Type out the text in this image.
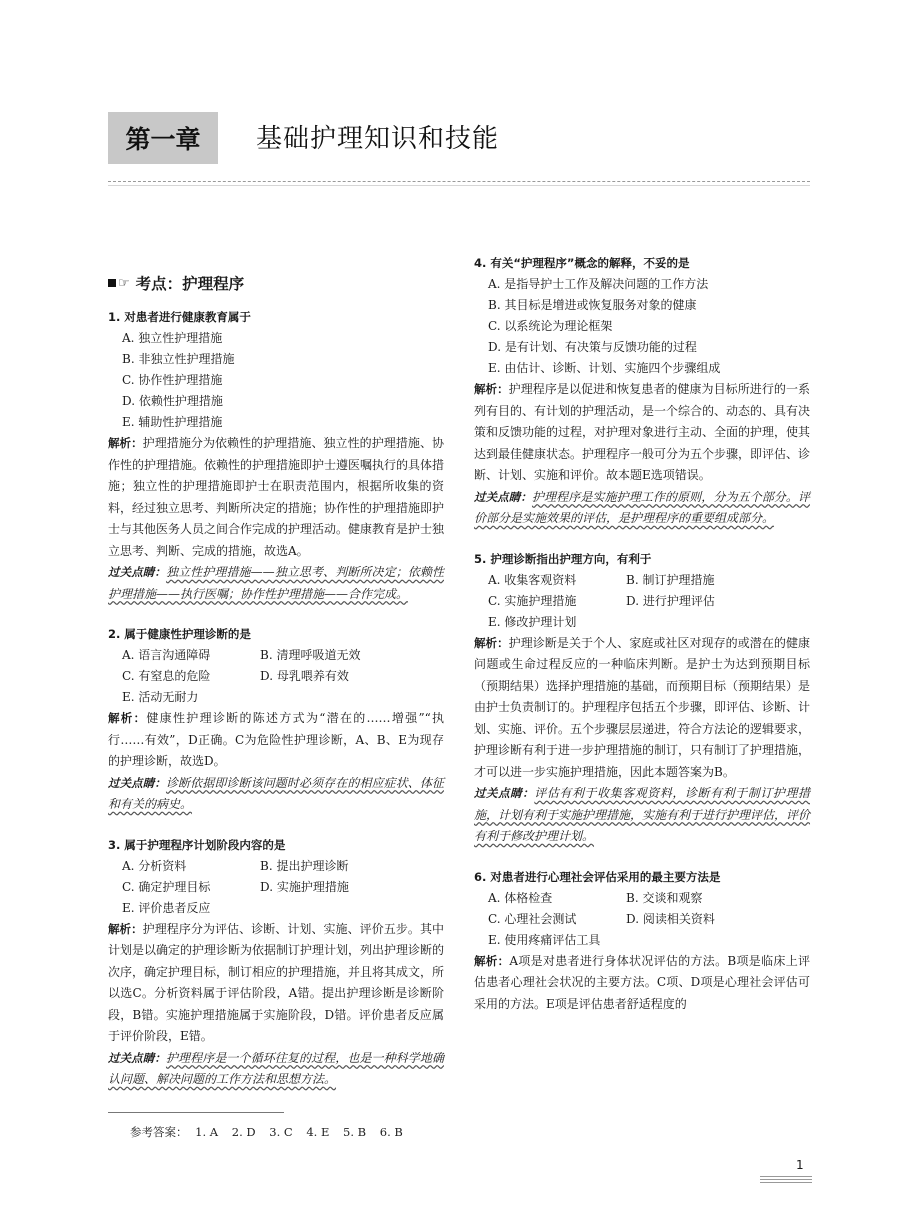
第一章	基础护理知识和技能
☞ 考点：护理程序
1. 对患者进行健康教育属于
A. 独立性护理措施
B. 非独立性护理措施
C. 协作性护理措施
D. 依赖性护理措施
E. 辅助性护理措施
解析：护理措施分为依赖性的护理措施、独立性的护理措施、协作性的护理措施。依赖性的护理措施即护士遵医嘱执行的具体措施；独立性的护理措施即护士在职责范围内，根据所收集的资料，经过独立思考、判断所决定的措施；协作性的护理措施即护士与其他医务人员之间合作完成的护理活动。健康教育是护士独立思考、判断、完成的措施，故选A。
过关点睛：独立性护理措施——独立思考、判断所决定；依赖性护理措施——执行医嘱；协作性护理措施——合作完成。
2. 属于健康性护理诊断的是
A. 语言沟通障碍	B. 清理呼吸道无效 C. 有窒息的危险	D. 母乳喂养有效
E. 活动无耐力
解析：健康性护理诊断的陈述方式为“潜在的……增强”“执行……有效”，D正确。C为危险性护理诊断，A、B、E为现存的护理诊断，故选D。
过关点睛：诊断依据即诊断该问题时必须存在的相应症状、体征和有关的病史。
3. 属于护理程序计划阶段内容的是
A. 分析资料	B. 提出护理诊断 C. 确定护理目标	D. 实施护理措施
E. 评价患者反应
解析：护理程序分为评估、诊断、计划、实施、评价五步。其中计划是以确定的护理诊断为依据制订护理计划，列出护理诊断的次序，确定护理目标，制订相应的护理措施，并且将其成文，所以选C。分析资料属于评估阶段，A错。提出护理诊断是诊断阶段，B错。实施护理措施属于实施阶段，D错。评价患者反应属于评价阶段，E错。
过关点睛：护理程序是一个循环往复的过程，也是一种科学地确认问题、解决问题的工作方法和思想方法。
4. 有关“护理程序”概念的解释，不妥的是
A. 是指导护士工作及解决问题的工作方法
B. 其目标是增进或恢复服务对象的健康
C. 以系统论为理论框架
D. 是有计划、有决策与反馈功能的过程
E. 由估计、诊断、计划、实施四个步骤组成
解析：护理程序是以促进和恢复患者的健康为目标所进行的一系列有目的、有计划的护理活动，是一个综合的、动态的、具有决策和反馈功能的过程，对护理对象进行主动、全面的护理，使其达到最佳健康状态。护理程序一般可分为五个步骤，即评估、诊断、计划、实施和评价。故本题E选项错误。
过关点睛：护理程序是实施护理工作的原则，分为五个部分。评价部分是实施效果的评估，是护理程序的重要组成部分。
5. 护理诊断指出护理方向，有利于
A. 收集客观资料	B. 制订护理措施 C. 实施护理措施	D. 进行护理评估
E. 修改护理计划
解析：护理诊断是关于个人、家庭或社区对现存的或潜在的健康问题或生命过程反应的一种临床判断。是护士为达到预期目标（预期结果）选择护理措施的基础，而预期目标（预期结果）是由护士负责制订的。护理程序包括五个步骤，即评估、诊断、计划、实施、评价。五个步骤层层递进，符合方法论的逻辑要求，护理诊断有利于进一步护理措施的制订，只有制订了护理措施，才可以进一步实施护理措施，因此本题答案为B。
过关点睛：评估有利于收集客观资料，诊断有利于制订护理措施，计划有利于实施护理措施，实施有利于进行护理评估，评价有利于修改护理计划。
6. 对患者进行心理社会评估采用的最主要方法是
A. 体格检查	B. 交谈和观察 C. 心理社会测试	D. 阅读相关资料
E. 使用疼痛评估工具
解析：A项是对患者进行身体状况评估的方法。B项是临床上评估患者心理社会状况的主要方法。C项、D项是心理社会评估可采用的方法。E项是评估患者舒适程度的
参考答案： 1. A 2. D 3. C 4. E 5. B 6. B
1
